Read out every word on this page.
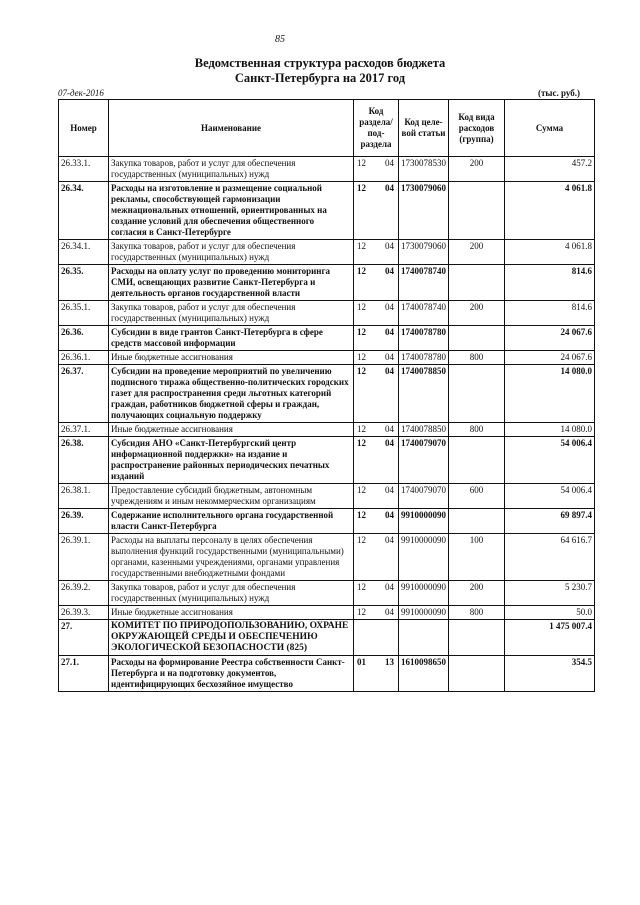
85
Ведомственная структура расходов бюджета
Санкт-Петербурга на 2017 год
07-дек-2016	(тыс. руб.)
Номер	Наименование	Код раздела/под-раздела	Код целе-вой статьи	Код вида расходов (группа)	Сумма
26.33.1.	Закупка товаров, работ и услуг для обеспечения государственных (муниципальных) нужд	12 04	1730078530	200	457.2
26.34.	Расходы на изготовление и размещение социальной рекламы, способствующей гармонизации межнациональных отношений, ориентированных на создание условий для обеспечения общественного согласия в Санкт-Петербурге	12 04	1730079060		4 061.8
26.34.1.	Закупка товаров, работ и услуг для обеспечения государственных (муниципальных) нужд	12 04	1730079060	200	4 061.8
26.35.	Расходы на оплату услуг по проведению мониторинга СМИ, освещающих развитие Санкт-Петербурга и деятельность органов государственной власти	12 04	1740078740		814.6
26.35.1.	Закупка товаров, работ и услуг для обеспечения государственных (муниципальных) нужд	12 04	1740078740	200	814.6
26.36.	Субсидии в виде грантов Санкт-Петербурга в сфере средств массовой информации	12 04	1740078780		24 067.6
26.36.1.	Иные бюджетные ассигнования	12 04	1740078780	800	24 067.6
26.37.	Субсидии на проведение мероприятий по увеличению подписного тиража общественно-политических городских газет для распространения среди льготных категорий граждан, работников бюджетной сферы и граждан, получающих социальную поддержку	12 04	1740078850		14 080.0
26.37.1.	Иные бюджетные ассигнования	12 04	1740078850	800	14 080.0
26.38.	Субсидия АНО «Санкт-Петербургский центр информационной поддержки» на издание и распространение районных периодических печатных изданий	12 04	1740079070		54 006.4
26.38.1.	Предоставление субсидий бюджетным, автономным учреждениям и иным некоммерческим организациям	12 04	1740079070	600	54 006.4
26.39.	Содержание исполнительного органа государственной власти Санкт-Петербурга	12 04	9910000090		69 897.4
26.39.1.	Расходы на выплаты персоналу в целях обеспечения выполнения функций государственными (муниципальными) органами, казенными учреждениями, органами управления государственными внебюджетными фондами	12 04	9910000090	100	64 616.7
26.39.2.	Закупка товаров, работ и услуг для обеспечения государственных (муниципальных) нужд	12 04	9910000090	200	5 230.7
26.39.3.	Иные бюджетные ассигнования	12 04	9910000090	800	50.0
27.	КОМИТЕТ ПО ПРИРОДОПОЛЬЗОВАНИЮ, ОХРАНЕ ОКРУЖАЮЩЕЙ СРЕДЫ И ОБЕСПЕЧЕНИЮ ЭКОЛОГИЧЕСКОЙ БЕЗОПАСНОСТИ (825)				1 475 007.4
27.1.	Расходы на формирование Реестра собственности Санкт-Петербурга и на подготовку документов, идентифицирующих бесхозяйное имущество	01 13	1610098650		354.5
